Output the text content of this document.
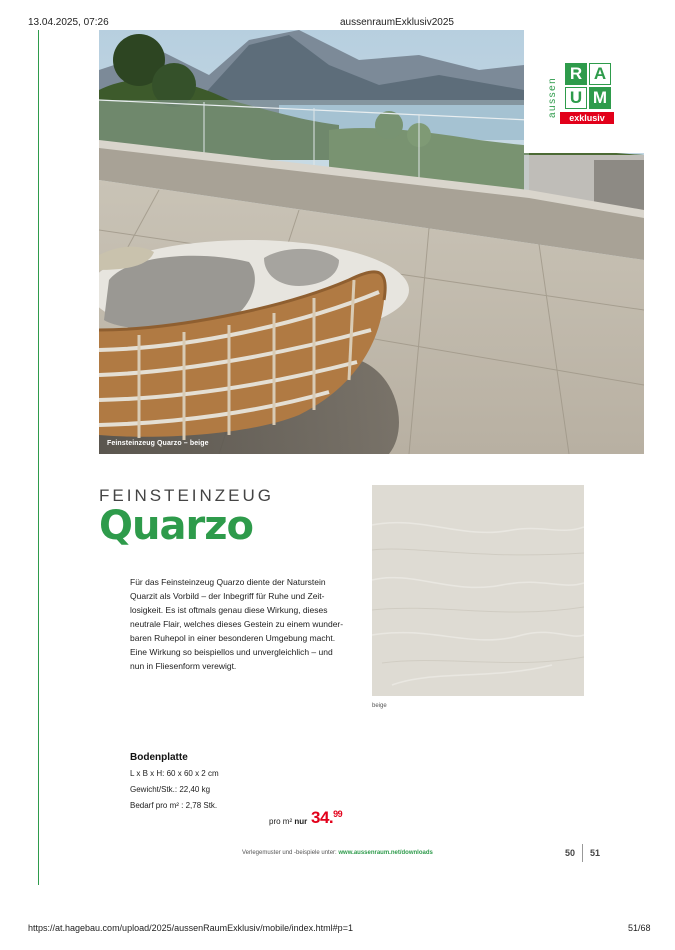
13.04.2025, 07:26	aussenraumExklusiv2025
Feinsteinzeug Quarzo – beige
aussen
R A
U M
exklusiv
FEINSTEINZEUG
Quarzo
Für das Feinsteinzeug Quarzo diente der Naturstein
Quarzit als Vorbild – der Inbegriff für Ruhe und Zeit-
losigkeit. Es ist oftmals genau diese Wirkung, dieses
neutrale Flair, welches dieses Gestein zu einem wunder-
baren Ruhepol in einer besonderen Umgebung macht.
Eine Wirkung so beispiellos und unvergleichlich – und
nun in Fliesenform verewigt.
beige
Bodenplatte
L x B x H: 60 x 60 x 2 cm
Gewicht/Stk.: 22,40 kg
Bedarf pro m² : 2,78 Stk.
pro m² nur 34.99
Verlegemuster und -beispiele unter: www.aussenraum.net/downloads	50 51
https://at.hagebau.com/upload/2025/aussenRaumExklusiv/mobile/index.html#p=1	51/68
